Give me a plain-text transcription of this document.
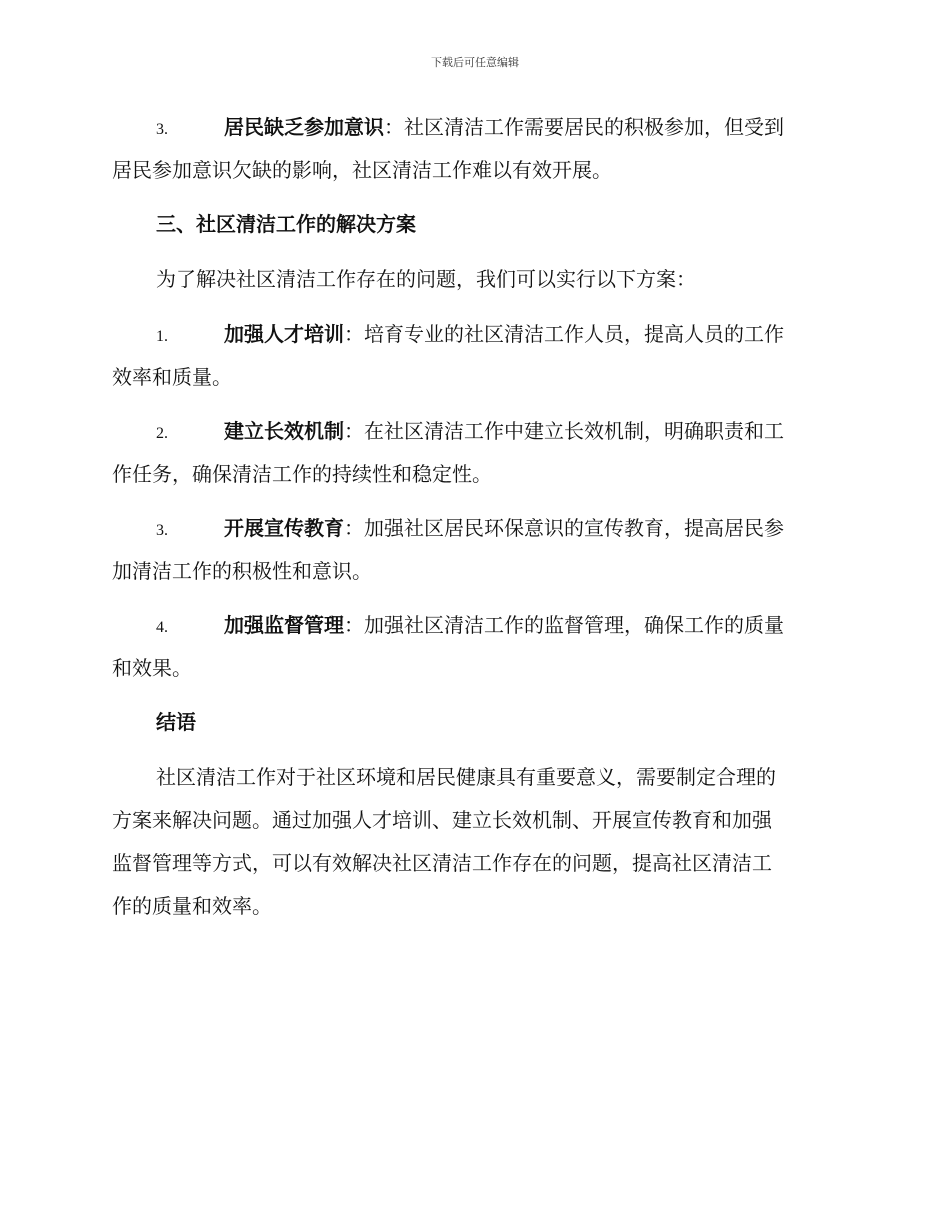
下载后可任意编辑
3.	居民缺乏参加意识：社区清洁工作需要居民的积极参加，但受到
居民参加意识欠缺的影响，社区清洁工作难以有效开展。
三、社区清洁工作的解决方案
为了解决社区清洁工作存在的问题，我们可以实行以下方案：
1.	加强人才培训：培育专业的社区清洁工作人员，提高人员的工作
效率和质量。
2.	建立长效机制：在社区清洁工作中建立长效机制，明确职责和工
作任务，确保清洁工作的持续性和稳定性。
3.	开展宣传教育：加强社区居民环保意识的宣传教育，提高居民参
加清洁工作的积极性和意识。
4.	加强监督管理：加强社区清洁工作的监督管理，确保工作的质量
和效果。
结语
社区清洁工作对于社区环境和居民健康具有重要意义，需要制定合理的
方案来解决问题。通过加强人才培训、建立长效机制、开展宣传教育和加强
监督管理等方式，可以有效解决社区清洁工作存在的问题，提高社区清洁工
作的质量和效率。
